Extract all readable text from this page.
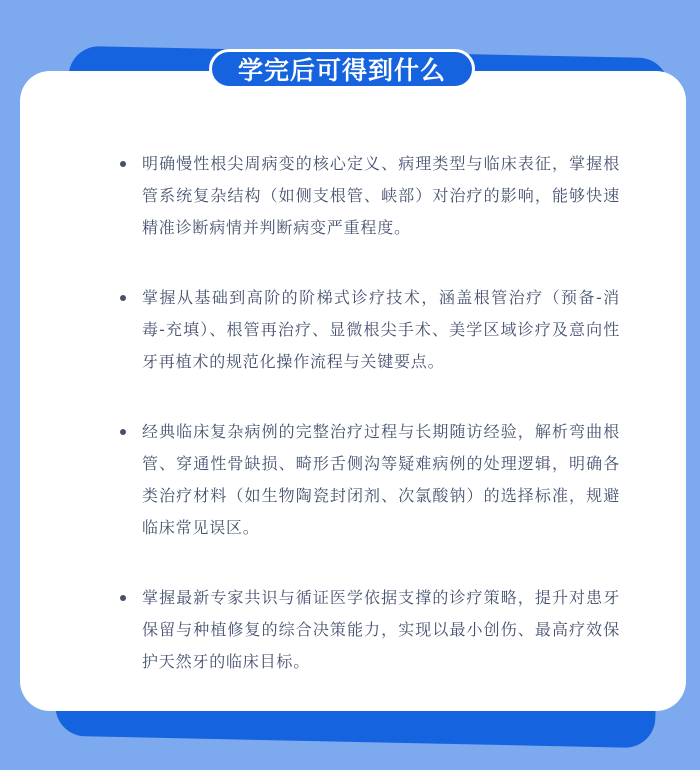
学完后可得到什么
明确慢性根尖周病变的核心定义、病理类型与临床表征，掌握根管系统复杂结构（如侧支根管、峡部）对治疗的影响，能够快速精准诊断病情并判断病变严重程度。
掌握从基础到高阶的阶梯式诊疗技术，涵盖根管治疗（预备-消毒-充填）、根管再治疗、显微根尖手术、美学区域诊疗及意向性牙再植术的规范化操作流程与关键要点。
经典临床复杂病例的完整治疗过程与长期随访经验，解析弯曲根管、穿通性骨缺损、畸形舌侧沟等疑难病例的处理逻辑，明确各类治疗材料（如生物陶瓷封闭剂、次氯酸钠）的选择标准，规避临床常见误区。
掌握最新专家共识与循证医学依据支撑的诊疗策略，提升对患牙保留与种植修复的综合决策能力，实现以最小创伤、最高疗效保护天然牙的临床目标。
